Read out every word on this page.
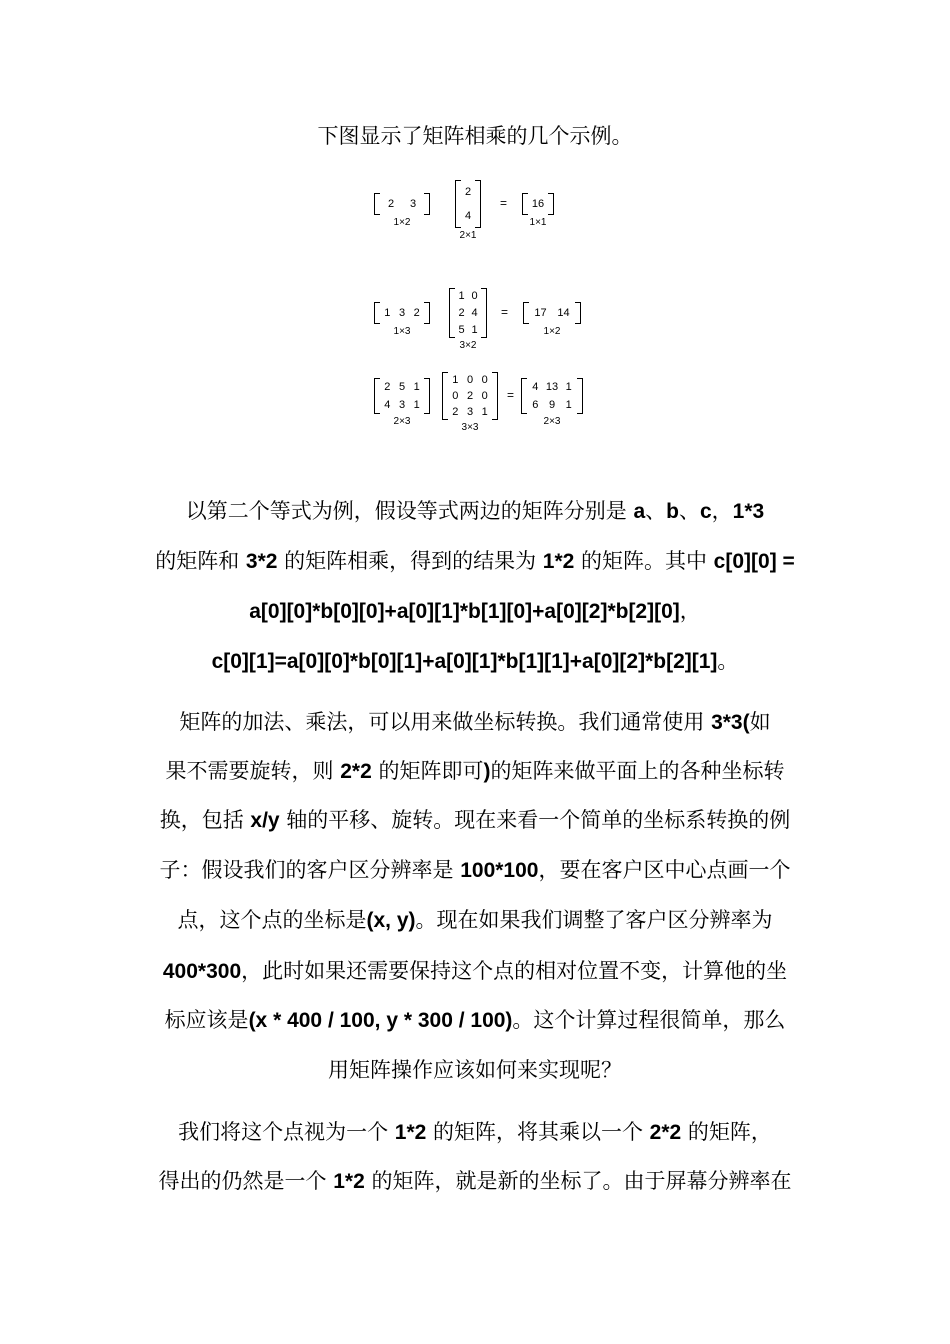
下图显示了矩阵相乘的几个示例。
2	3
1×2
2
4
2×1
= 16
1×1
1 3 2
1×3
1 0
2 4
5 1
3×2
= 17 14
1×2
2 5 1
4 3 1
2×3
1 0 0
0 2 0
2 3 1
3×3
=
4 13 1
6 9 1
2×3
以第二个等式为例，假设等式两边的矩阵分别是 a、b、c，1*3
的矩阵和 3*2 的矩阵相乘，得到的结果为 1*2 的矩阵。其中 c[0][0] =
a[0][0]*b[0][0]+a[0][1]*b[1][0]+a[0][2]*b[2][0]，
c[0][1]=a[0][0]*b[0][1]+a[0][1]*b[1][1]+a[0][2]*b[2][1]。
矩阵的加法、乘法，可以用来做坐标转换。我们通常使用 3*3(如
果不需要旋转，则 2*2 的矩阵即可)的矩阵来做平面上的各种坐标转
换，包括 x/y 轴的平移、旋转。现在来看一个简单的坐标系转换的例
子：假设我们的客户区分辨率是 100*100，要在客户区中心点画一个
点，这个点的坐标是(x, y)。现在如果我们调整了客户区分辨率为
400*300，此时如果还需要保持这个点的相对位置不变，计算他的坐
标应该是(x * 400 / 100, y * 300 / 100)。这个计算过程很简单，那么
用矩阵操作应该如何来实现呢？
我们将这个点视为一个 1*2 的矩阵，将其乘以一个 2*2 的矩阵，
得出的仍然是一个 1*2 的矩阵，就是新的坐标了。由于屏幕分辨率在
